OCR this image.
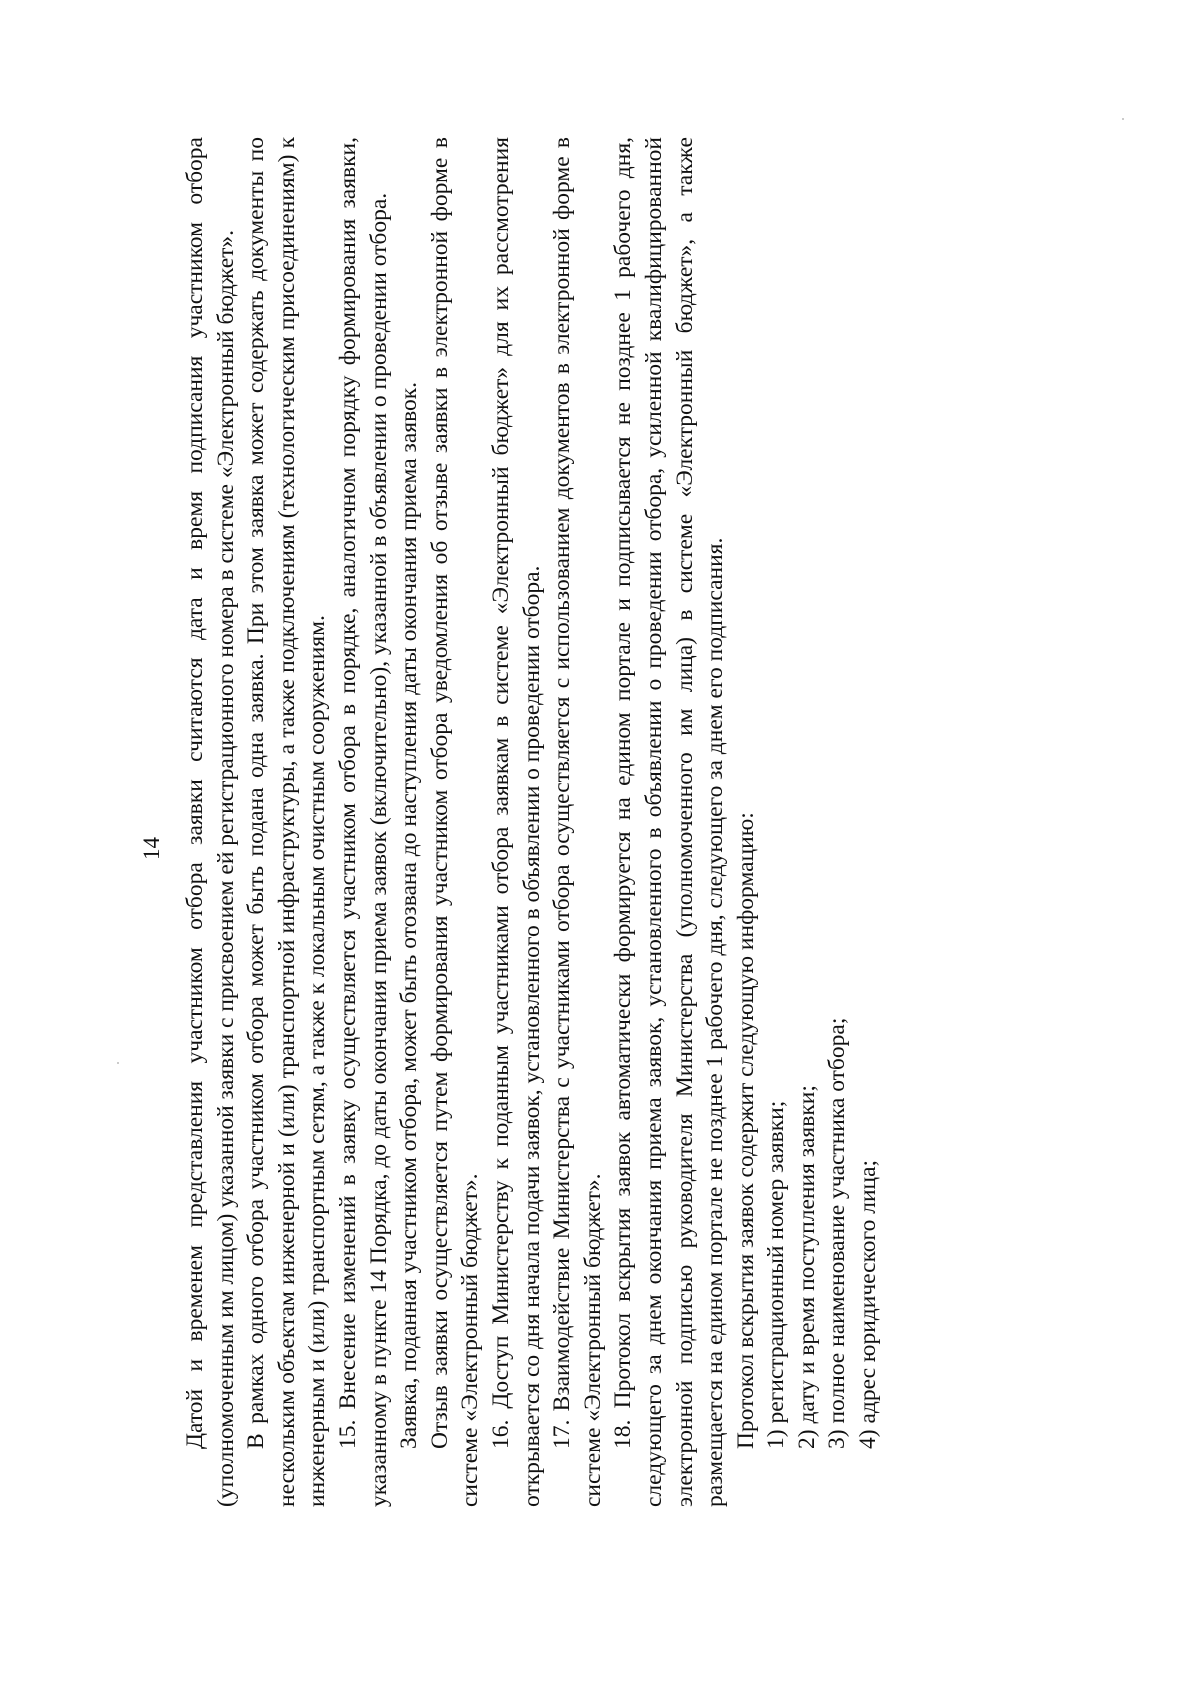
14 Датой и временем представления участником отбора заявки считаются дата и время подписания участником отбора (уполномоченным им лицом) указанной заявки с присвоением ей регистрационного номера в системе «Электронный бюджет». В рамках одного отбора участником отбора может быть подана одна заявка. При этом заявка может содержать документы по нескольким объектам инженерной и (или) транспортной инфраструктуры, а также подключениям (технологическим присоединениям) к инженерным и (или) транспортным сетям, а также к локальным очистным сооружениям. 15. Внесение изменений в заявку осуществляется участником отбора в порядке, аналогичном порядку формирования заявки, указанному в пункте 14 Порядка, до даты окончания приема заявок (включительно), указанной в объявлении о проведении отбора. Заявка, поданная участником отбора, может быть отозвана до наступления даты окончания приема заявок. Отзыв заявки осуществляется путем формирования участником отбора уведомления об отзыве заявки в электронной форме в системе «Электронный бюджет». 16. Доступ Министерству к поданным участниками отбора заявкам в системе «Электронный бюджет» для их рассмотрения открывается со дня начала подачи заявок, установленного в объявлении о проведении отбора. 17. Взаимодействие Министерства с участниками отбора осуществляется с использованием документов в электронной форме в системе «Электронный бюджет». 18. Протокол вскрытия заявок автоматически формируется на едином портале и подписывается не позднее 1 рабочего дня, следующего за днем окончания приема заявок, установленного в объявлении о проведении отбора, усиленной квалифицированной электронной подписью руководителя Министерства (уполномоченного им лица) в системе «Электронный бюджет», а также размещается на едином портале не позднее 1 рабочего дня, следующего за днем его подписания. Протокол вскрытия заявок содержит следующую информацию: 1) регистрационный номер заявки; 2) дату и время поступления заявки; 3) полное наименование участника отбора; 4) адрес юридического лица;
